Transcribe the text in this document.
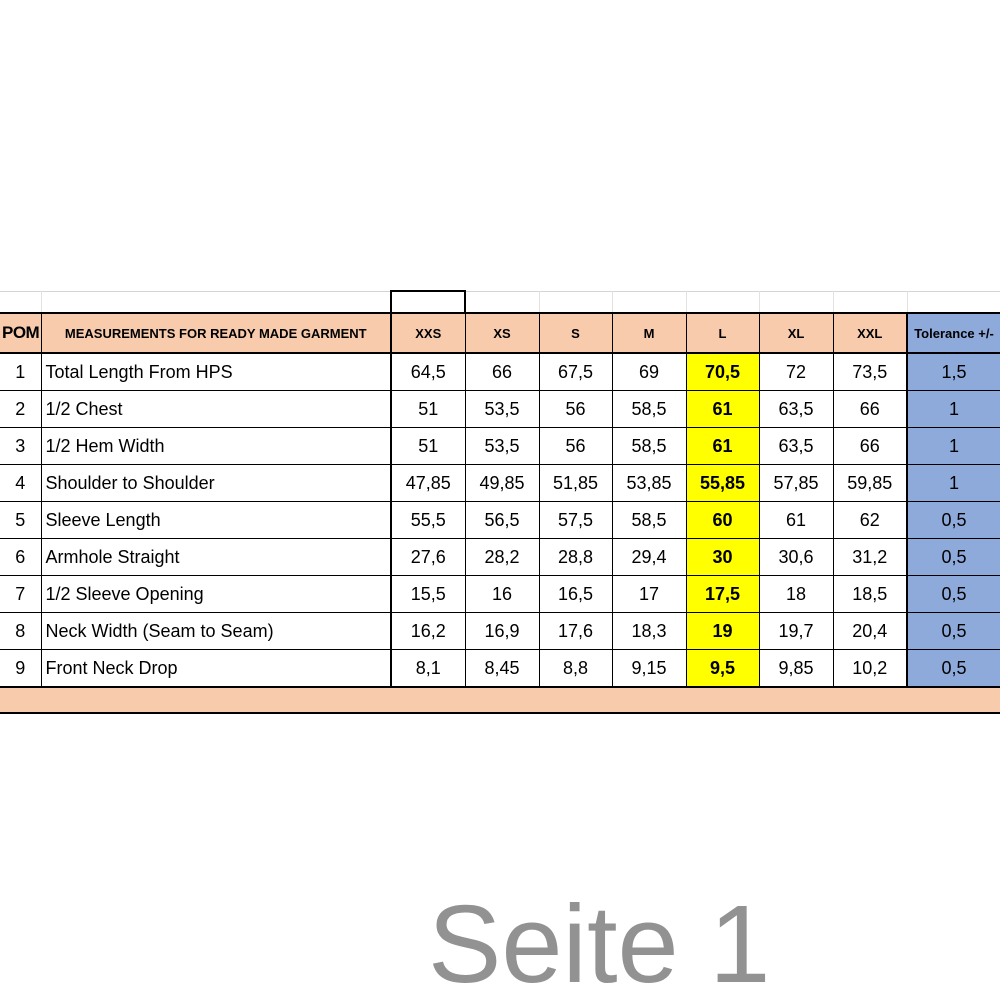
POM	MEASUREMENTS FOR READY MADE GARMENT	XXS	XS	S	M	L	XL	XXL	Tolerance +/-
1	Total Length From HPS	64,5	66	67,5	69	70,5	72	73,5	1,5
2	1/2 Chest	51	53,5	56	58,5	61	63,5	66	1
3	1/2 Hem Width	51	53,5	56	58,5	61	63,5	66	1
4	Shoulder to Shoulder	47,85	49,85	51,85	53,85	55,85	57,85	59,85	1
5	Sleeve Length	55,5	56,5	57,5	58,5	60	61	62	0,5
6	Armhole Straight	27,6	28,2	28,8	29,4	30	30,6	31,2	0,5
7	1/2 Sleeve Opening	15,5	16	16,5	17	17,5	18	18,5	0,5
8	Neck Width (Seam to Seam)	16,2	16,9	17,6	18,3	19	19,7	20,4	0,5
9	Front Neck Drop	8,1	8,45	8,8	9,15	9,5	9,85	10,2	0,5

Seite 1
